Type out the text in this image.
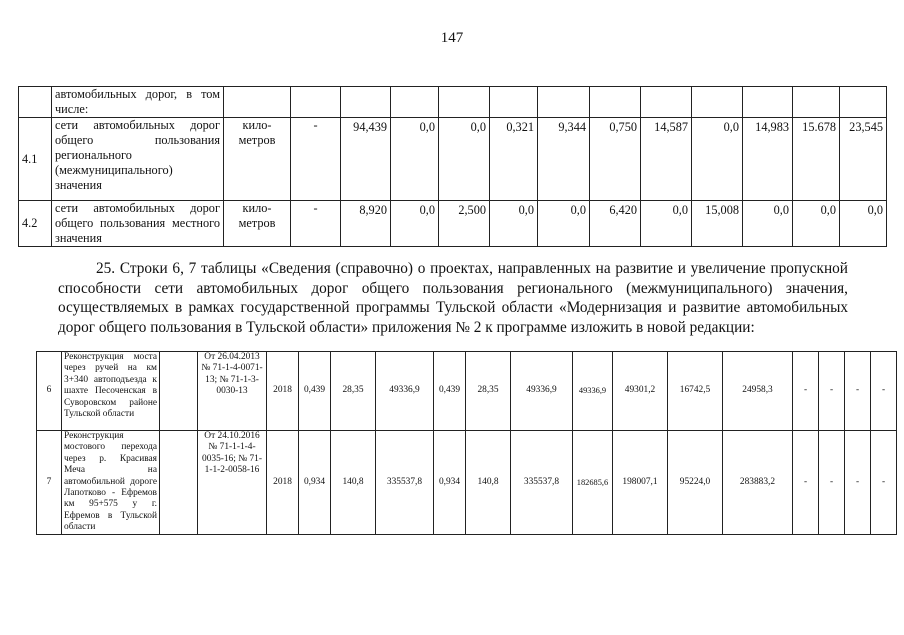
147
	автомобильных дорог, в том числе:													
4.1	сети автомобильных дорог общего пользования регионального (межмуниципального) значения	кило-метров	-	94,439	0,0	0,0	0,321	9,344	0,750	14,587	0,0	14,983	15.678	23,545
4.2	сети автомобильных дорог общего пользования местного значения	кило-метров	-	8,920	0,0	2,500	0,0	0,0	6,420	0,0	15,008	0,0	0,0	0,0

25. Строки 6, 7 таблицы «Сведения (справочно) о проектах, направленных на развитие и увеличение пропускной способности сети автомобильных дорог общего пользования регионального (межмуниципального) значения, осуществляемых в рамках государственной программы Тульской области «Модернизация и развитие автомобильных дорог общего пользования в Тульской области» приложения № 2 к программе изложить в новой редакции:

6	Реконструкция моста через ручей на км 3+340 автоподъезда к шахте Песоченская в Суворовском районе Тульской области		От 26.04.2013 № 71-1-4-0071-13; № 71-1-3-0030-13	2018	0,439	28,35	49336,9	0,439	28,35	49336,9	49336,9	49301,2	16742,5	24958,3	-	-	-	-
7	Реконструкция мостового перехода через р. Красивая Меча на автомобильной дороге Лапотково - Ефремов км 95+575 у г. Ефремов в Тульской области		От 24.10.2016 № 71-1-1-4-0035-16; № 71-1-1-2-0058-16	2018	0,934	140,8	335537,8	0,934	140,8	335537,8	182685,6	198007,1	95224,0	283883,2	-	-	-	-
